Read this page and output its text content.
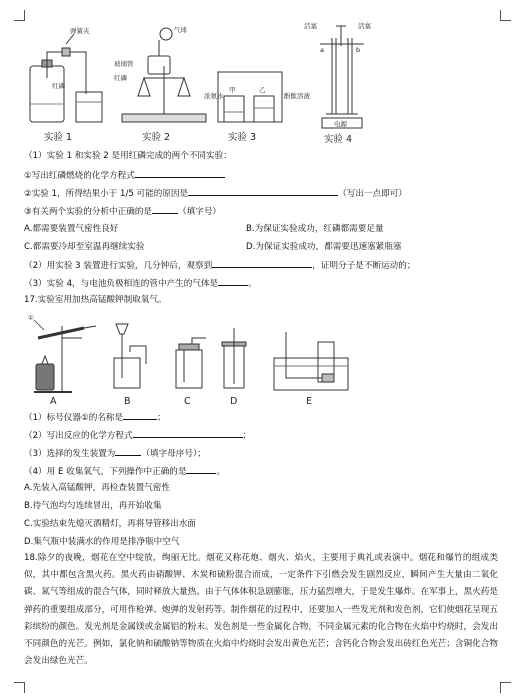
弹簧夹
红磷
实验 1
玻璃管
气球
红磷
实验 2
浓氨水
甲	乙
酚酞溶液
实验 3
活塞	活塞
a	b
电源
实验 4
（1）实验 1 和实验 2 是用红磷完成的两个不同实验：
①写出红磷燃烧的化学方程式
②实验 1，所得结果小于 1/5 可能的原因是	（写出一点即可）
③有关两个实验的分析中正确的是	（填字号）
A.都需要装置气密性良好	B.为保证实验成功，红磷都需要足量
C.都需要冷却至室温再继续实验	D.为保证实验成功，都需要迅速塞紧瓶塞
（2）用实验 3 装置进行实验，几分钟后，观察到	，证明分子是不断运动的；
（3）实验 4，与电池负极相连的管中产生的气体是	。
17.实验室用加热高锰酸钾制取氧气。
①
A	B	C	D	E
（1）标号仪器①的名称是	；
（2）写出反应的化学方程式	；
（3）选择的发生装置为	（填字母序号）；
（4）用 E 收集氧气，下列操作中正确的是	。
A.先装入高锰酸钾，再检查装置气密性
B.待气泡均匀连续冒出，再开始收集
C.实验结束先熄灭酒精灯，再将导管移出水面
D.集气瓶中装满水的作用是排净瓶中空气
18.除夕的夜晚，烟花在空中绽放，绚丽无比。烟花又称花炮、烟火、焰火，主要用于典礼或表演中。烟花和爆竹的组成类似，其中都包含黑火药。黑火药由硝酸钾、木炭和硫粉混合而成，一定条件下引燃会发生剧烈反应，瞬间产生大量由二氧化碳、氮气等组成的混合气体，同时释放大量热。由于气体体积急剧膨胀，压力猛烈增大，于是发生爆炸。在军事上，黑火药是弹药的重要组成部分，可用作枪弹、炮弹的发射药等。制作烟花的过程中，还要加入一些发光剂和发色剂，它们使烟花呈现五彩缤纷的颜色。发光剂是金属镁或金属铝的粉末。发色剂是一些金属化合物，不同金属元素的化合物在火焰中灼烧时，会发出不同颜色的光芒。例如，氯化钠和硫酸钠等物质在火焰中灼烧时会发出黄色光芒；含钙化合物会发出砖红色光芒；含铜化合物会发出绿色光芒。
